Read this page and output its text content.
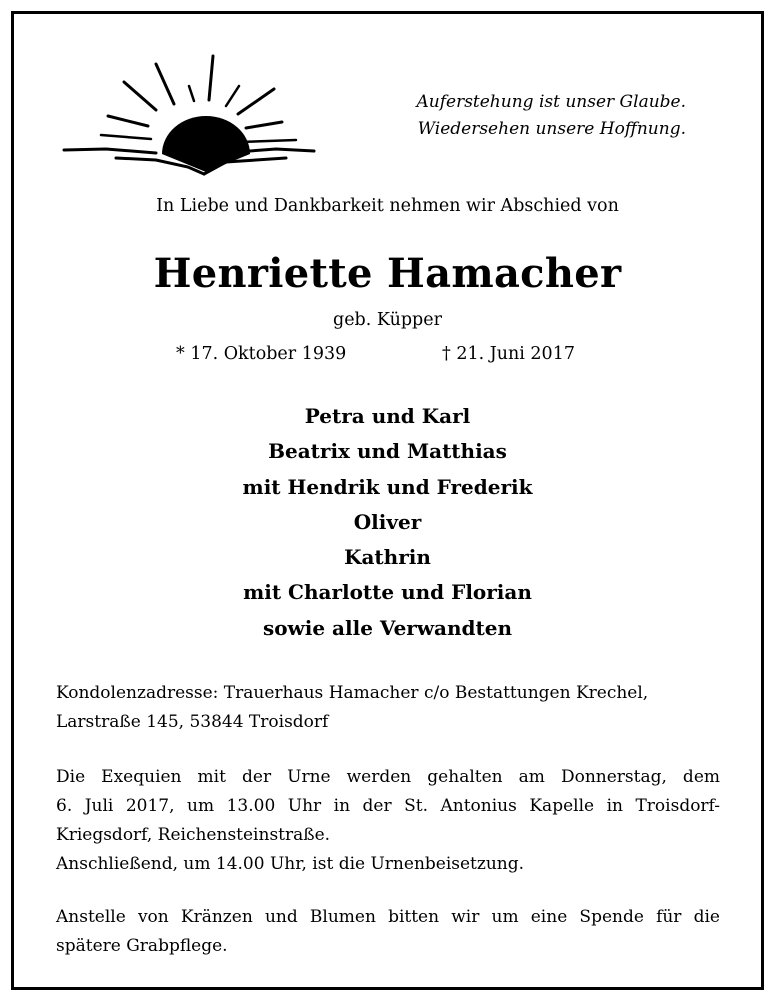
Auferstehung ist unser Glaube.
Wiedersehen unsere Hoffnung.
In Liebe und Dankbarkeit nehmen wir Abschied von
Henriette Hamacher
geb. Küpper
* 17. Oktober 1939	† 21. Juni 2017
Petra und Karl
Beatrix und Matthias
mit Hendrik und Frederik
Oliver
Kathrin
mit Charlotte und Florian
sowie alle Verwandten
Kondolenzadresse: Trauerhaus Hamacher c/o Bestattungen Krechel,
Larstraße 145, 53844 Troisdorf
Die Exequien mit der Urne werden gehalten am Donnerstag, dem
6. Juli 2017, um 13.00 Uhr in der St. Antonius Kapelle in Troisdorf-
Kriegsdorf, Reichensteinstraße.
Anschließend, um 14.00 Uhr, ist die Urnenbeisetzung.
Anstelle von Kränzen und Blumen bitten wir um eine Spende für die
spätere Grabpflege.
